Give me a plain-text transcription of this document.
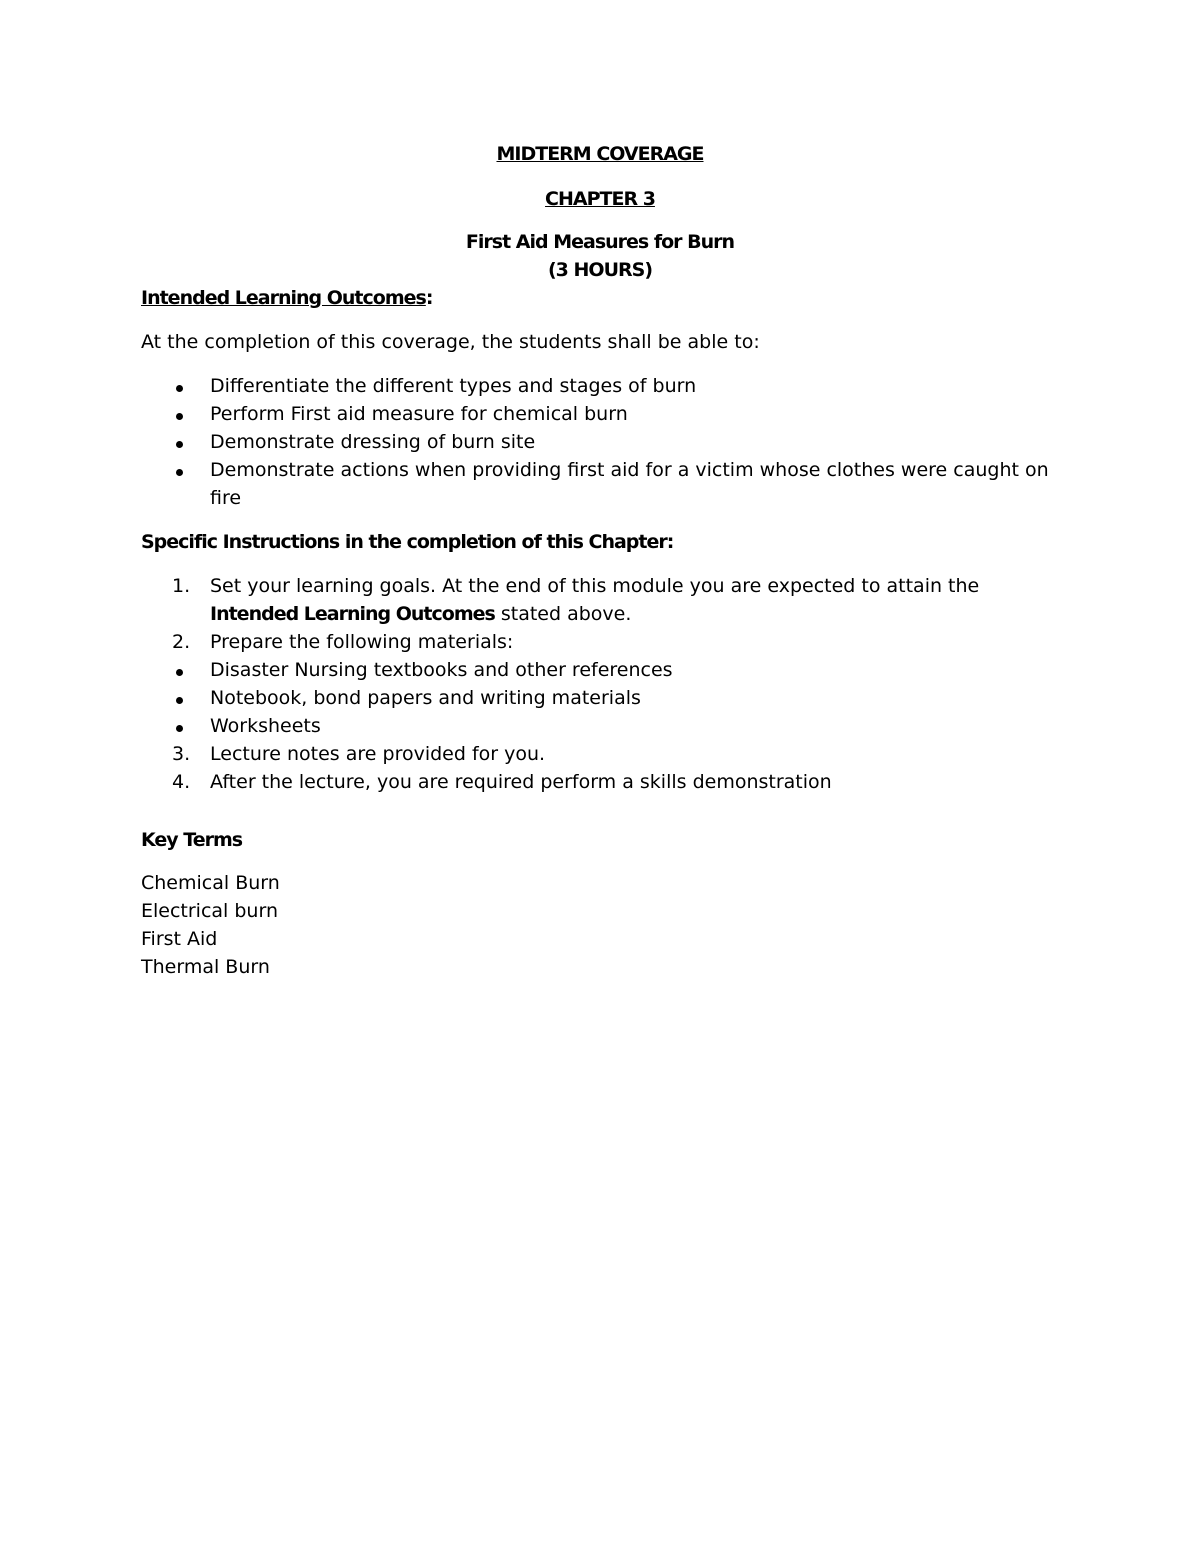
MIDTERM COVERAGE
CHAPTER 3
First Aid Measures for Burn
(3 HOURS)
Intended Learning Outcomes:
At the completion of this coverage, the students shall be able to:
Differentiate the different types and stages of burn
Perform First aid measure for chemical burn
Demonstrate dressing of burn site
Demonstrate actions when providing first aid for a victim whose clothes were caught on
fire
Specific Instructions in the completion of this Chapter:
1.	Set your learning goals. At the end of this module you are expected to attain the
Intended Learning Outcomes stated above.
2.	Prepare the following materials:
Disaster Nursing textbooks and other references
Notebook, bond papers and writing materials
Worksheets
3.	Lecture notes are provided for you.
4.	After the lecture, you are required perform a skills demonstration
Key Terms
Chemical Burn
Electrical burn
First Aid
Thermal Burn
